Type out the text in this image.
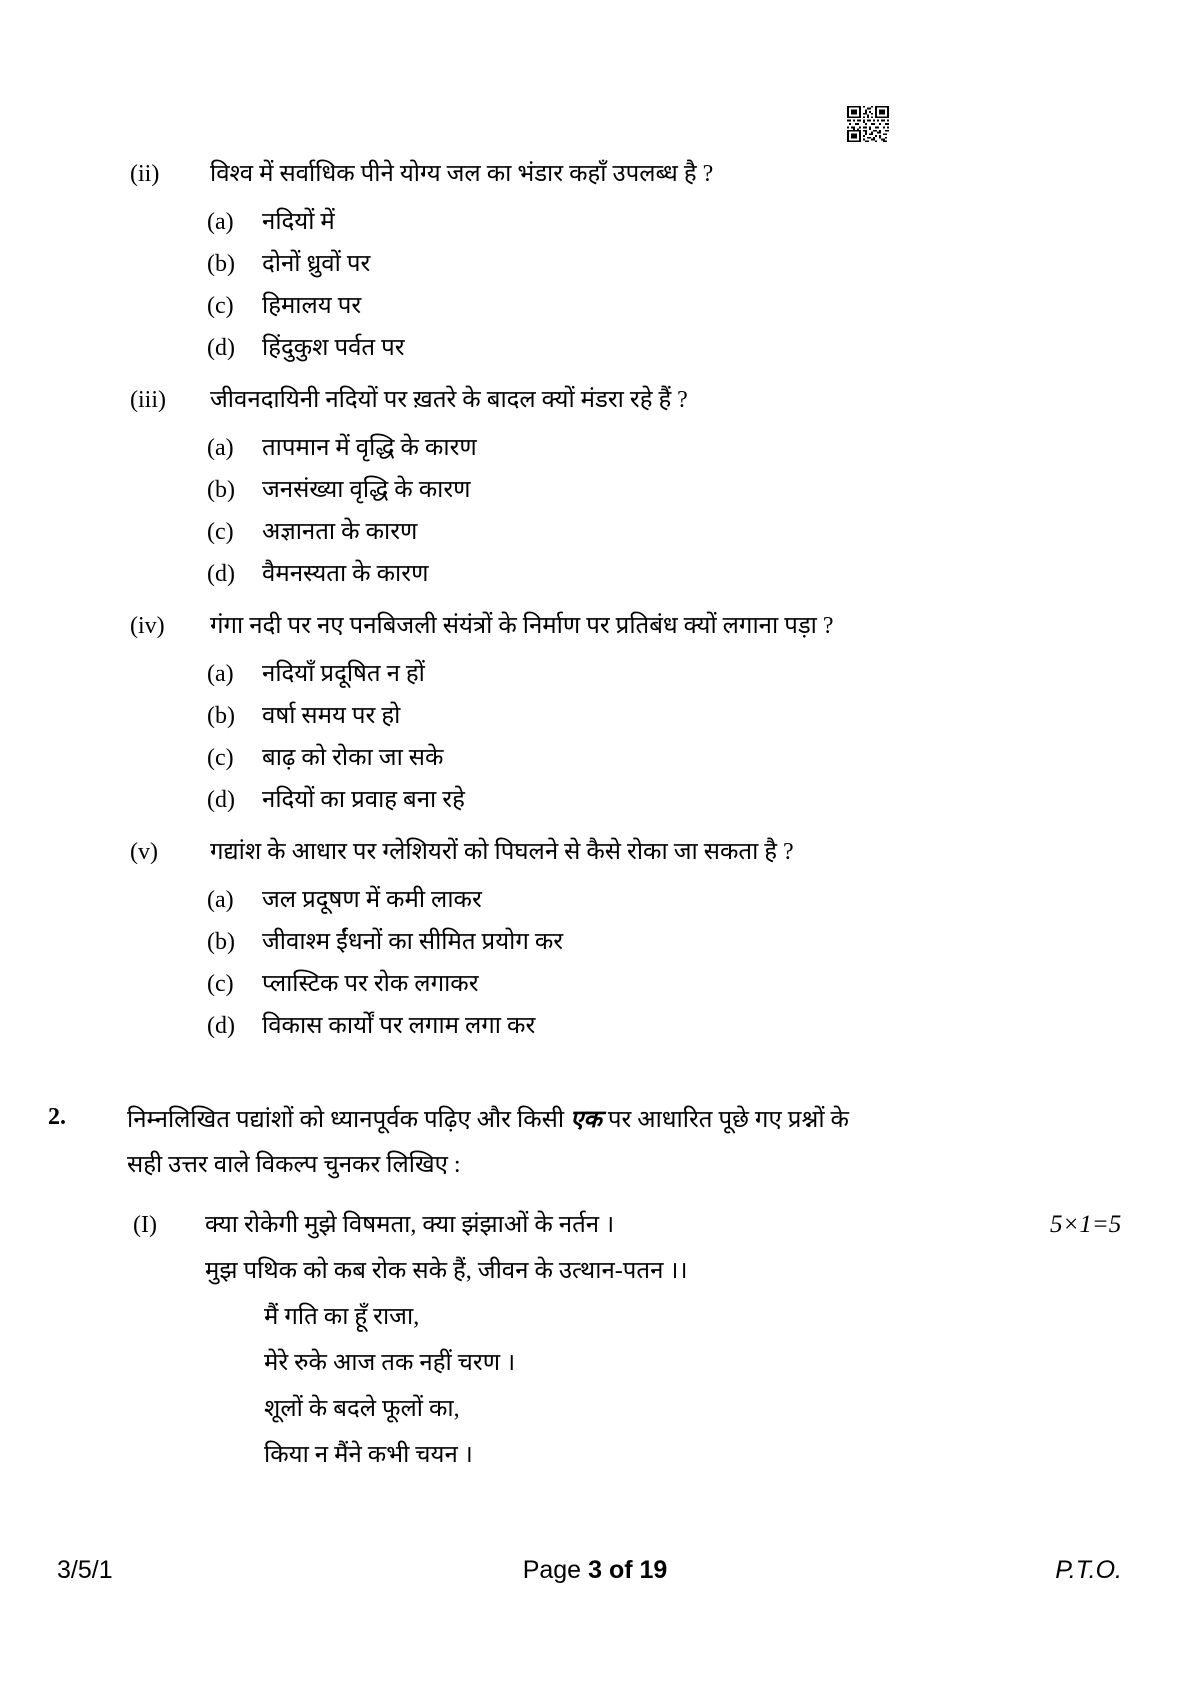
(ii) विश्व में सर्वाधिक पीने योग्य जल का भंडार कहाँ उपलब्ध है ?
(a) नदियों में
(b) दोनों ध्रुवों पर
(c) हिमालय पर
(d) हिंदुकुश पर्वत पर
(iii) जीवनदायिनी नदियों पर ख़तरे के बादल क्यों मंडरा रहे हैं ?
(a) तापमान में वृद्धि के कारण
(b) जनसंख्या वृद्धि के कारण
(c) अज्ञानता के कारण
(d) वैमनस्यता के कारण
(iv) गंगा नदी पर नए पनबिजली संयंत्रों के निर्माण पर प्रतिबंध क्यों लगाना पड़ा ?
(a) नदियाँ प्रदूषित न हों
(b) वर्षा समय पर हो
(c) बाढ़ को रोका जा सके
(d) नदियों का प्रवाह बना रहे
(v) गद्यांश के आधार पर ग्लेशियरों को पिघलने से कैसे रोका जा सकता है ?
(a) जल प्रदूषण में कमी लाकर
(b) जीवाश्म ईंधनों का सीमित प्रयोग कर
(c) प्लास्टिक पर रोक लगाकर
(d) विकास कार्यों पर लगाम लगा कर
2.	निम्नलिखित पद्यांशों को ध्यानपूर्वक पढ़िए और किसी एक पर आधारित पूछे गए प्रश्नों के
सही उत्तर वाले विकल्प चुनकर लिखिए :
(I)	क्या रोकेगी मुझे विषमता, क्या झंझाओं के नर्तन ।	5×1=5
मुझ पथिक को कब रोक सके हैं, जीवन के उत्थान-पतन ।।
मैं गति का हूँ राजा,
मेरे रुके आज तक नहीं चरण ।
शूलों के बदले फूलों का,
किया न मैंने कभी चयन ।
3/5/1	Page 3 of 19	P.T.O.
